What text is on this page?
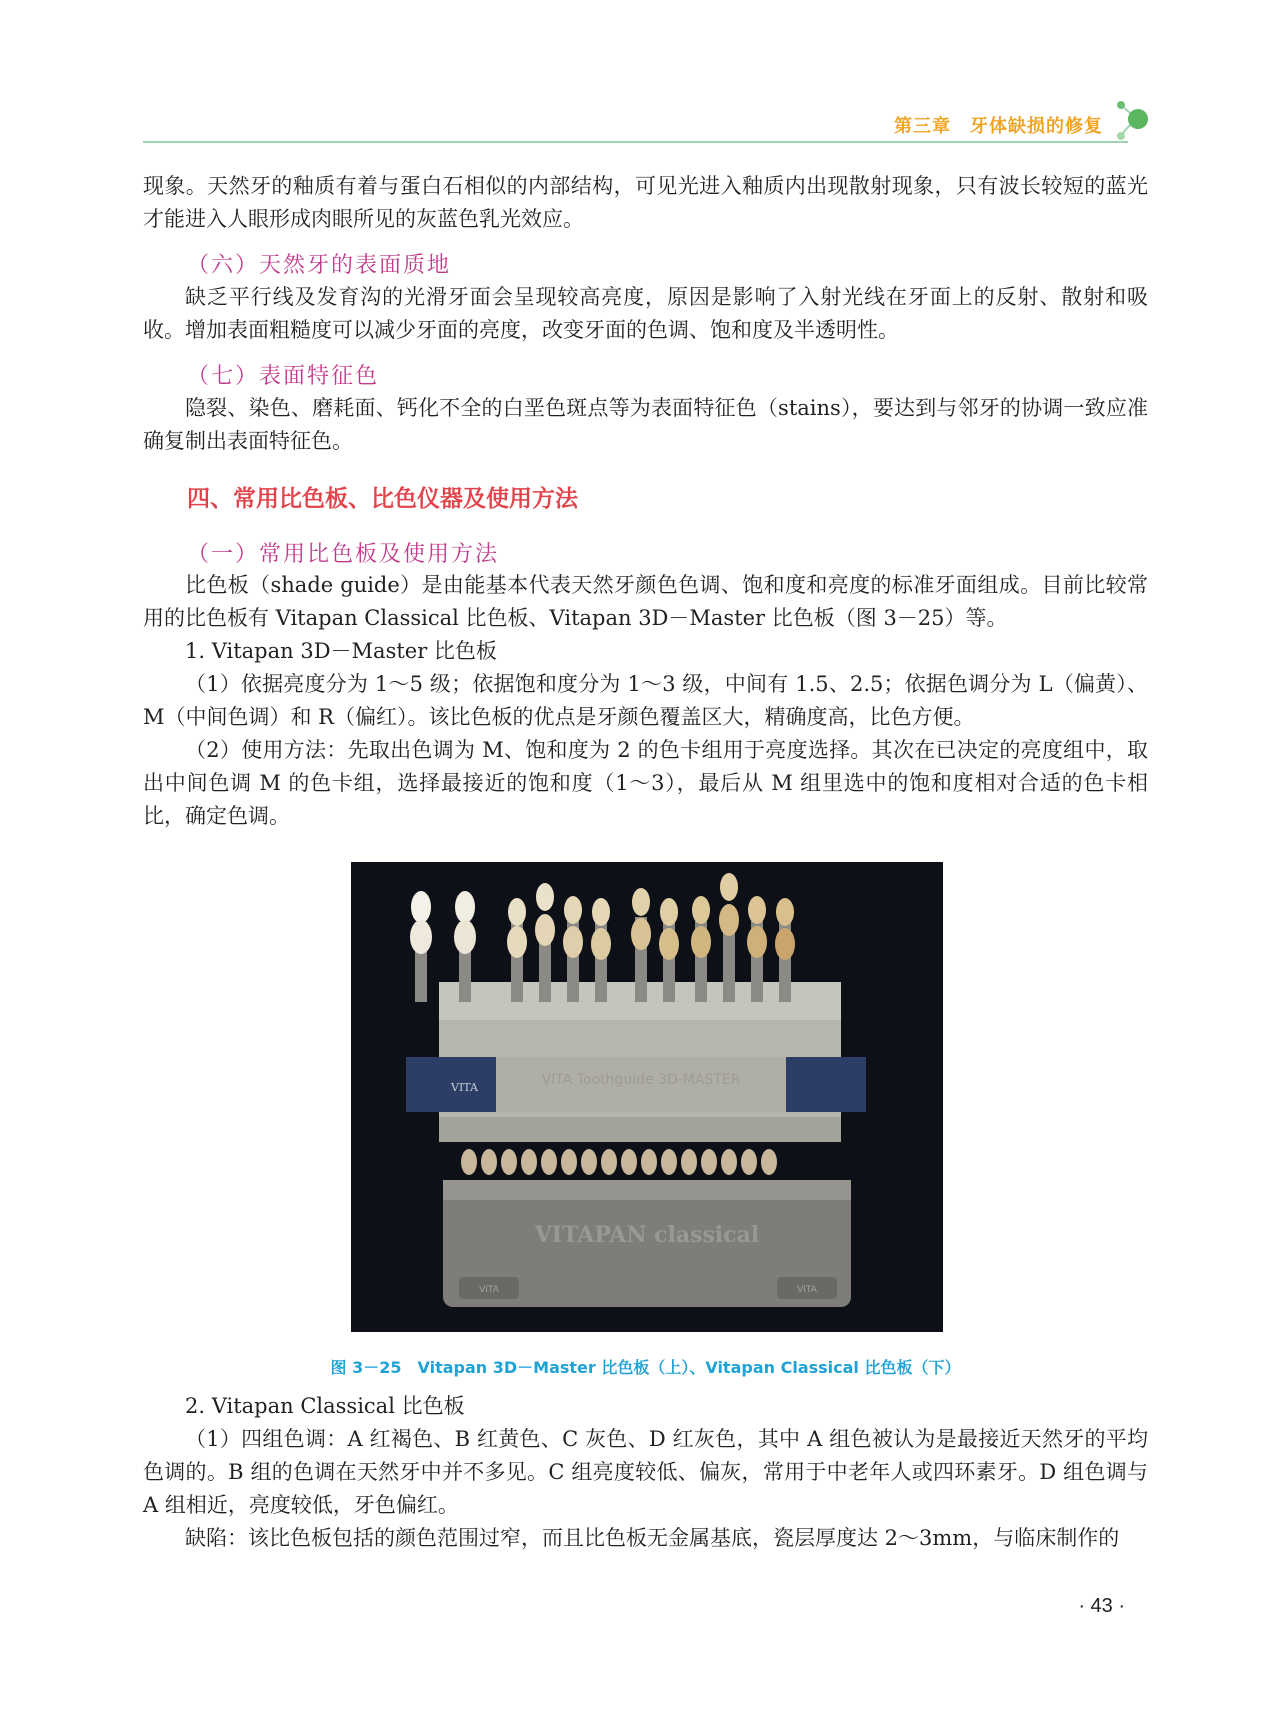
第三章　牙体缺损的修复
现象。天然牙的釉质有着与蛋白石相似的内部结构，可见光进入釉质内出现散射现象，只有波长较短的蓝光才能进入人眼形成肉眼所见的灰蓝色乳光效应。
（六）天然牙的表面质地
缺乏平行线及发育沟的光滑牙面会呈现较高亮度，原因是影响了入射光线在牙面上的反射、散射和吸收。增加表面粗糙度可以减少牙面的亮度，改变牙面的色调、饱和度及半透明性。
（七）表面特征色
隐裂、染色、磨耗面、钙化不全的白垩色斑点等为表面特征色（stains），要达到与邻牙的协调一致应准确复制出表面特征色。
四、常用比色板、比色仪器及使用方法
（一）常用比色板及使用方法
比色板（shade guide）是由能基本代表天然牙颜色色调、饱和度和亮度的标准牙面组成。目前比较常用的比色板有 Vitapan Classical 比色板、Vitapan 3D－Master 比色板（图 3－25）等。
1. Vitapan 3D－Master 比色板
（1）依据亮度分为 1～5 级；依据饱和度分为 1～3 级，中间有 1.5、2.5；依据色调分为 L（偏黄）、M（中间色调）和 R（偏红）。该比色板的优点是牙颜色覆盖区大，精确度高，比色方便。
（2）使用方法：先取出色调为 M、饱和度为 2 的色卡组用于亮度选择。其次在已决定的亮度组中，取出中间色调 M 的色卡组，选择最接近的饱和度（1～3），最后从 M 组里选中的饱和度相对合适的色卡相比，确定色调。
VITA	VITA Toothguide 3D-MASTER
VITAPAN classical
VITA	VITA
图 3－25　Vitapan 3D－Master 比色板（上）、Vitapan Classical 比色板（下）
2. Vitapan Classical 比色板
（1）四组色调：A 红褐色、B 红黄色、C 灰色、D 红灰色，其中 A 组色被认为是最接近天然牙的平均色调的。B 组的色调在天然牙中并不多见。C 组亮度较低、偏灰，常用于中老年人或四环素牙。D 组色调与 A 组相近，亮度较低，牙色偏红。
缺陷：该比色板包括的颜色范围过窄，而且比色板无金属基底，瓷层厚度达 2～3mm，与临床制作的
· 43 ·
